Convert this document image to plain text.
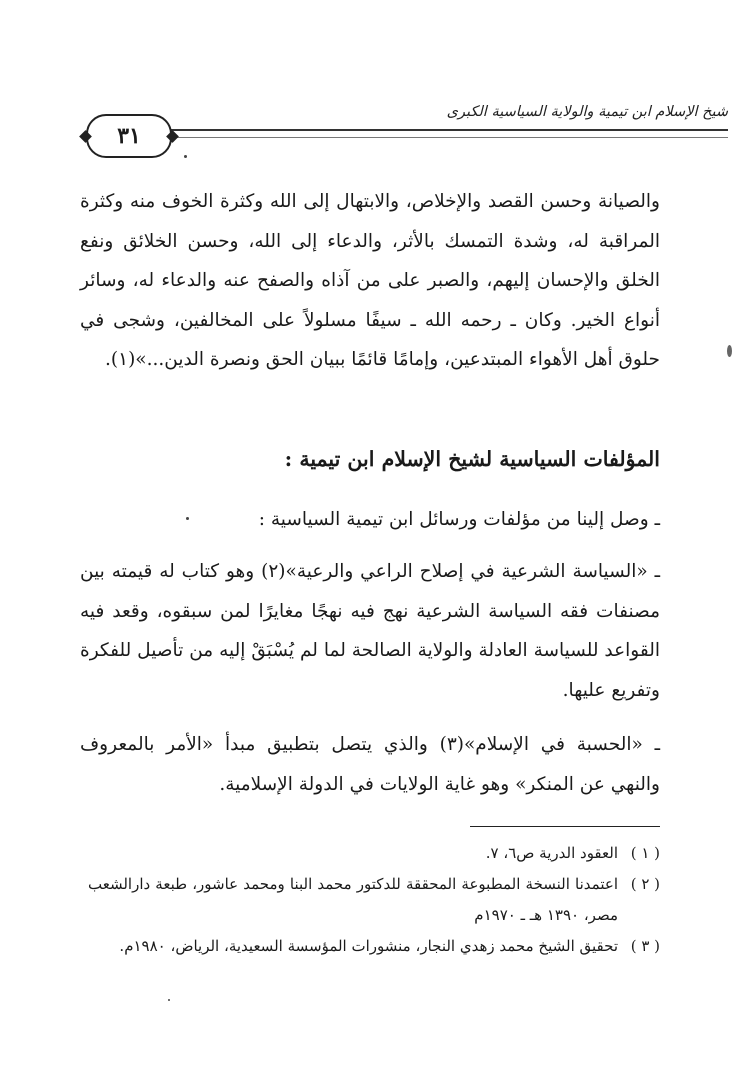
شيخ الإسلام ابن تيمية والولاية السياسية الكبرى
٣١
والصيانة وحسن القصد والإخلاص، والابتهال إلى الله وكثرة الخوف منه وكثرة المراقبة له، وشدة التمسك بالأثر، والدعاء إلى الله، وحسن الخلائق ونفع الخلق والإحسان إليهم، والصبر على من آذاه والصفح عنه والدعاء له، وسائر أنواع الخير. وكان ـ رحمه الله ـ سيفًا مسلولاً على المخالفين، وشجى في حلوق أهل الأهواء المبتدعين، وإمامًا قائمًا ببيان الحق ونصرة الدين...»(١).
المؤلفات السياسية لشيخ الإسلام ابن تيمية :
ـ وصل إلينا من مؤلفات ورسائل ابن تيمية السياسية :
ـ «السياسة الشرعية في إصلاح الراعي والرعية»(٢) وهو كتاب له قيمته بين مصنفات فقه السياسة الشرعية نهج فيه نهجًا مغايرًا لمن سبقوه، وقعد فيه القواعد للسياسة العادلة والولاية الصالحة لما لم يُسْبَقْ إليه من تأصيل للفكرة وتفريع عليها.
ـ «الحسبة في الإسلام»(٣) والذي يتصل بتطبيق مبدأ «الأمر بالمعروف والنهي عن المنكر» وهو غاية الولايات في الدولة الإسلامية.
( ١ )
العقود الدرية ص٦، ٧.
( ٢ )
اعتمدنا النسخة المطبوعة المحققة للدكتور محمد البنا ومحمد عاشور، طبعة دارالشعب مصر، ١٣٩٠ هـ ـ ١٩٧٠م
( ٣ )
تحقيق الشيخ محمد زهدي النجار، منشورات المؤسسة السعيدية، الرياض، ١٩٨٠م.
